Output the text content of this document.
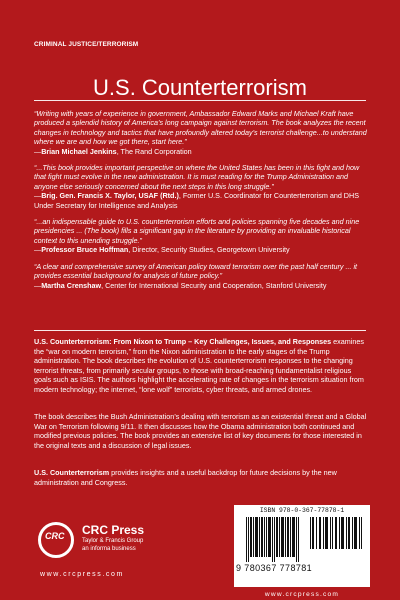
CRIMINAL JUSTICE/TERRORISM
U.S. Counterterrorism
“Writing with years of experience in government, Ambassador Edward Marks and Michael Kraft have produced a splendid history of America’s long campaign against terrorism. The book analyzes the recent changes in technology and tactics that have profoundly altered today’s terrorist challenge...to understand where we are and how we got there, start here.”
—Brian Michael Jenkins, The Rand Corporation
“...This book provides important perspective on where the United States has been in this fight and how that fight must evolve in the new administration. It is must reading for the Trump Administration and anyone else seriously concerned about the next steps in this long struggle.”
—Brig. Gen. Francis X. Taylor, USAF (Rtd.), Former U.S. Coordinator for Counterterrorism and DHS Under Secretary for Intelligence and Analysis
“...an indispensable guide to U.S. counterterrorism efforts and policies spanning five decades and nine presidencies ... (The book) fills a significant gap in the literature by providing an invaluable historical context to this unending struggle.”
—Professor Bruce Hoffman, Director, Security Studies, Georgetown University
“A clear and comprehensive survey of American policy toward terrorism over the past half century ... it provides essential background for analysis of future policy.”
—Martha Crenshaw, Center for International Security and Cooperation, Stanford University
U.S. Counterterrorism: From Nixon to Trump – Key Challenges, Issues, and Responses examines the “war on modern terrorism,” from the Nixon administration to the early stages of the Trump administration. The book describes the evolution of U.S. counterterrorism responses to the changing terrorist threats, from primarily secular groups, to those with broad-reaching fundamentalist religious goals such as ISIS. The authors highlight the accelerating rate of changes in the terrorism situation from modern technology; the internet, “lone wolf” terrorists, cyber threats, and armed drones.
The book describes the Bush Administration’s dealing with terrorism as an existential threat and a Global War on Terrorism following 9/11. It then discusses how the Obama administration both continued and modified previous policies. The book provides an extensive list of key documents for those interested in the original texts and a discussion of legal issues.
U.S. Counterterrorism provides insights and a useful backdrop for future decisions by the new administration and Congress.
CRC CRC Press
Taylor & Francis Group
an informa business
www.crcpress.com
ISBN 978-0-367-77878-1
9 780367 778781
www.crcpress.com
